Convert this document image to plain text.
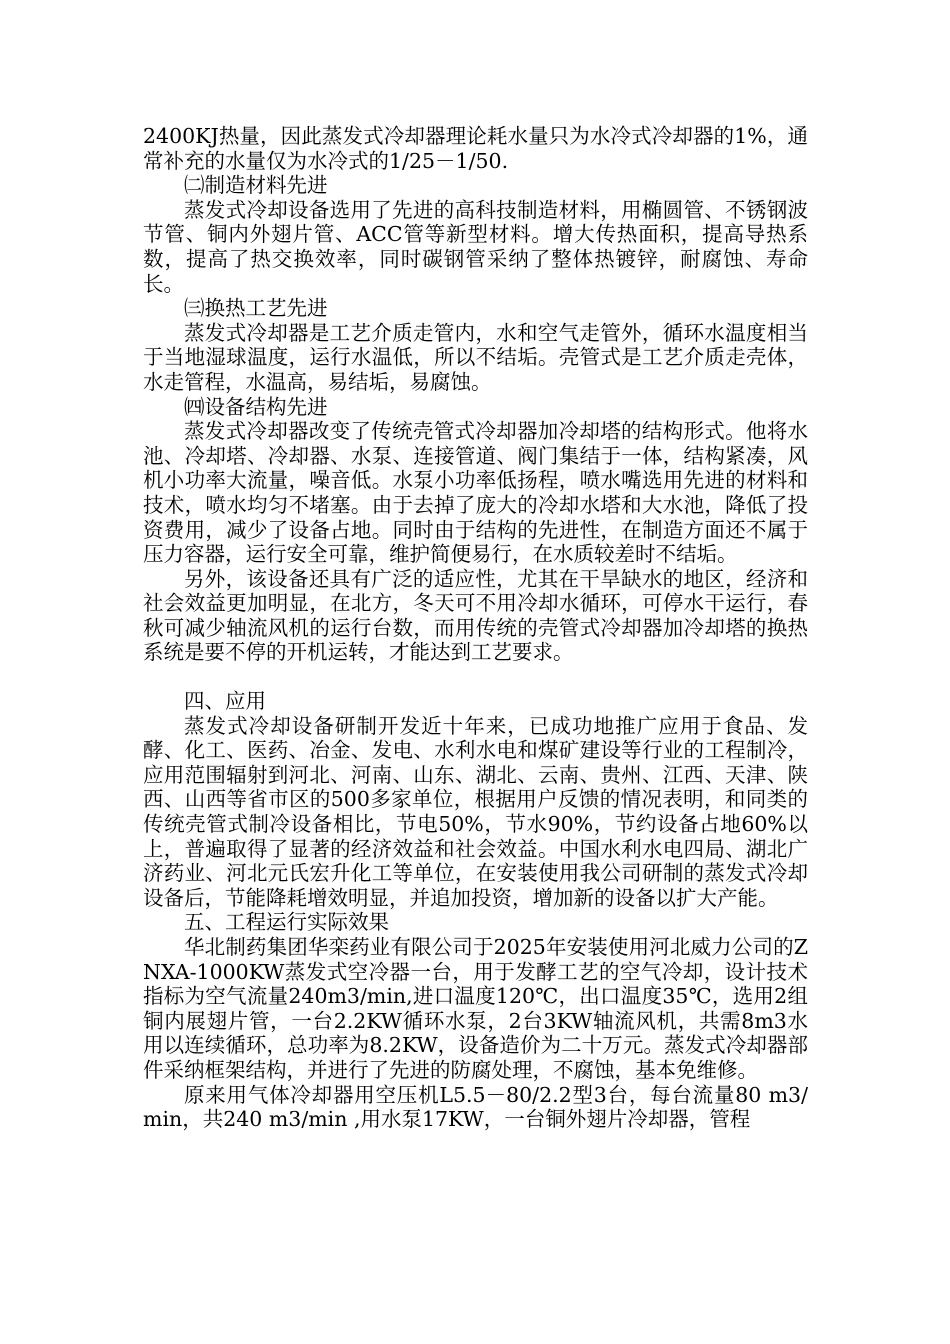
2400KJ热量，因此蒸发式冷却器理论耗水量只为水冷式冷却器的1%，通常补充的水量仅为水冷式的1/25－1/50.

㈡制造材料先进

蒸发式冷却设备选用了先进的高科技制造材料，用椭圆管、不锈钢波节管、铜内外翅片管、ACC管等新型材料。增大传热面积，提高导热系数，提高了热交换效率，同时碳钢管采纳了整体热镀锌，耐腐蚀、寿命长。

㈢换热工艺先进

蒸发式冷却器是工艺介质走管内，水和空气走管外，循环水温度相当于当地湿球温度，运行水温低，所以不结垢。壳管式是工艺介质走壳体，水走管程，水温高，易结垢，易腐蚀。

㈣设备结构先进

蒸发式冷却器改变了传统壳管式冷却器加冷却塔的结构形式。他将水池、冷却塔、冷却器、水泵、连接管道、阀门集结于一体，结构紧凑，风机小功率大流量，噪音低。水泵小功率低扬程，喷水嘴选用先进的材料和技术，喷水均匀不堵塞。由于去掉了庞大的冷却水塔和大水池，降低了投资费用，减少了设备占地。同时由于结构的先进性，在制造方面还不属于压力容器，运行安全可靠，维护简便易行，在水质较差时不结垢。

另外，该设备还具有广泛的适应性，尤其在干旱缺水的地区，经济和社会效益更加明显，在北方，冬天可不用冷却水循环，可停水干运行，春秋可减少轴流风机的运行台数，而用传统的壳管式冷却器加冷却塔的换热系统是要不停的开机运转，才能达到工艺要求。

四、应用

蒸发式冷却设备研制开发近十年来，已成功地推广应用于食品、发酵、化工、医药、冶金、发电、水利水电和煤矿建设等行业的工程制冷，应用范围辐射到河北、河南、山东、湖北、云南、贵州、江西、天津、陕西、山西等省市区的500多家单位，根据用户反馈的情况表明，和同类的传统壳管式制冷设备相比，节电50%，节水90%，节约设备占地60%以上，普遍取得了显著的经济效益和社会效益。中国水利水电四局、湖北广济药业、河北元氏宏升化工等单位，在安装使用我公司研制的蒸发式冷却设备后，节能降耗增效明显，并追加投资，增加新的设备以扩大产能。

五、工程运行实际效果

华北制药集团华栾药业有限公司于2025年安装使用河北威力公司的ZNXA-1000KW蒸发式空冷器一台，用于发酵工艺的空气冷却，设计技术指标为空气流量240m3/min,进口温度120℃，出口温度35℃，选用2组铜内展翅片管，一台2.2KW循环水泵，2台3KW轴流风机，共需8m3水用以连续循环，总功率为8.2KW，设备造价为二十万元。蒸发式冷却器部件采纳框架结构，并进行了先进的防腐处理，不腐蚀，基本免维修。

原来用气体冷却器用空压机L5.5－80/2.2型3台，每台流量80 m3/min，共240 m3/min ,用水泵17KW，一台铜外翅片冷却器，管程
